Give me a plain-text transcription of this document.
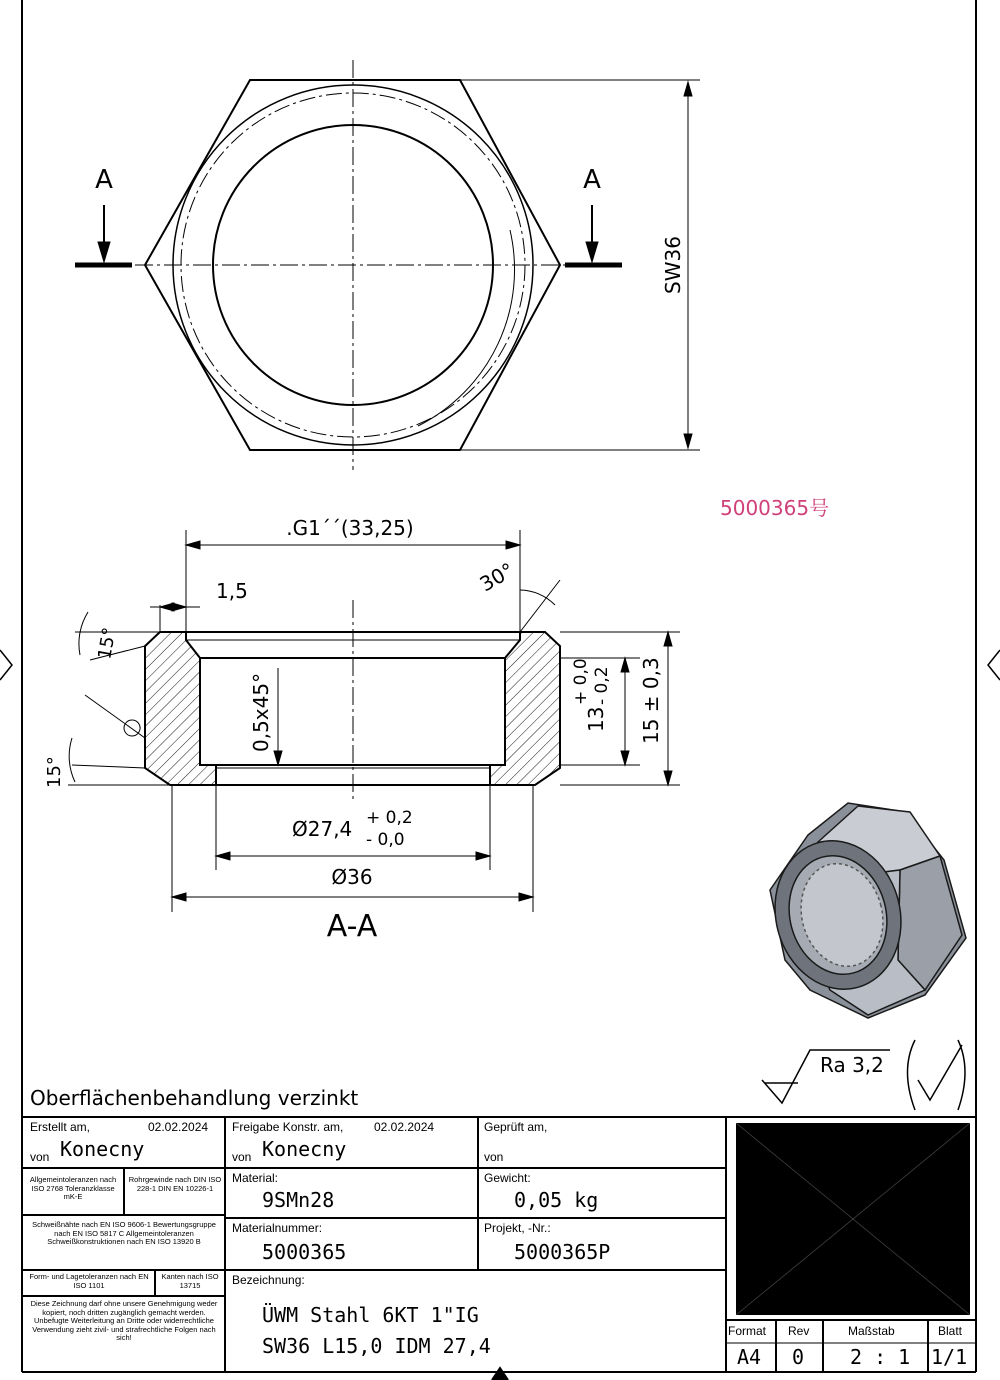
SW36
A	A
.G1´´(33,25)
1,5	30°
15°
15°
0,5x45°	13
+ 0,0 - 0,2 15 ± 0,3
Ø27,4 + 0,2
- 0,0
Ø36
A-A
5000365号
Ra 3,2
Oberflächenbehandlung verzinkt
Erstellt am,	02.02.2024
von Konecny
Freigabe Konstr. am,	02.02.2024
von Konecny
Geprüft am,
von
Allgemeintoleranzen nach ISO 2768 Toleranzklasse mK-E
Rohrgewinde nach DIN ISO 228-1 DIN EN 10226-1
Schweißnähte nach EN ISO 9606-1 Bewertungsgruppe nach EN ISO 5817 C Allgemeintoleranzen Schweißkonstruktionen nach EN ISO 13920 B
Form- und Lagetoleranzen nach EN ISO 1101
Kanten nach ISO 13715
Diese Zeichnung darf ohne unsere Genehmigung weder kopiert, noch dritten zugänglich gemacht werden. Unbefugte Weiterleitung an Dritte oder widerrechtliche Verwendung zieht zivil- und strafrechtliche Folgen nach sich!
Material:
9SMn28
Gewicht:
0,05 kg
Materialnummer:
5000365
Projekt, -Nr.:
5000365P
Bezeichnung:
ÜWM Stahl 6KT 1"IG
SW36 L15,0 IDM 27,4
Format
A4
Rev
0
Maßstab
2 : 1
Blatt
1/1
